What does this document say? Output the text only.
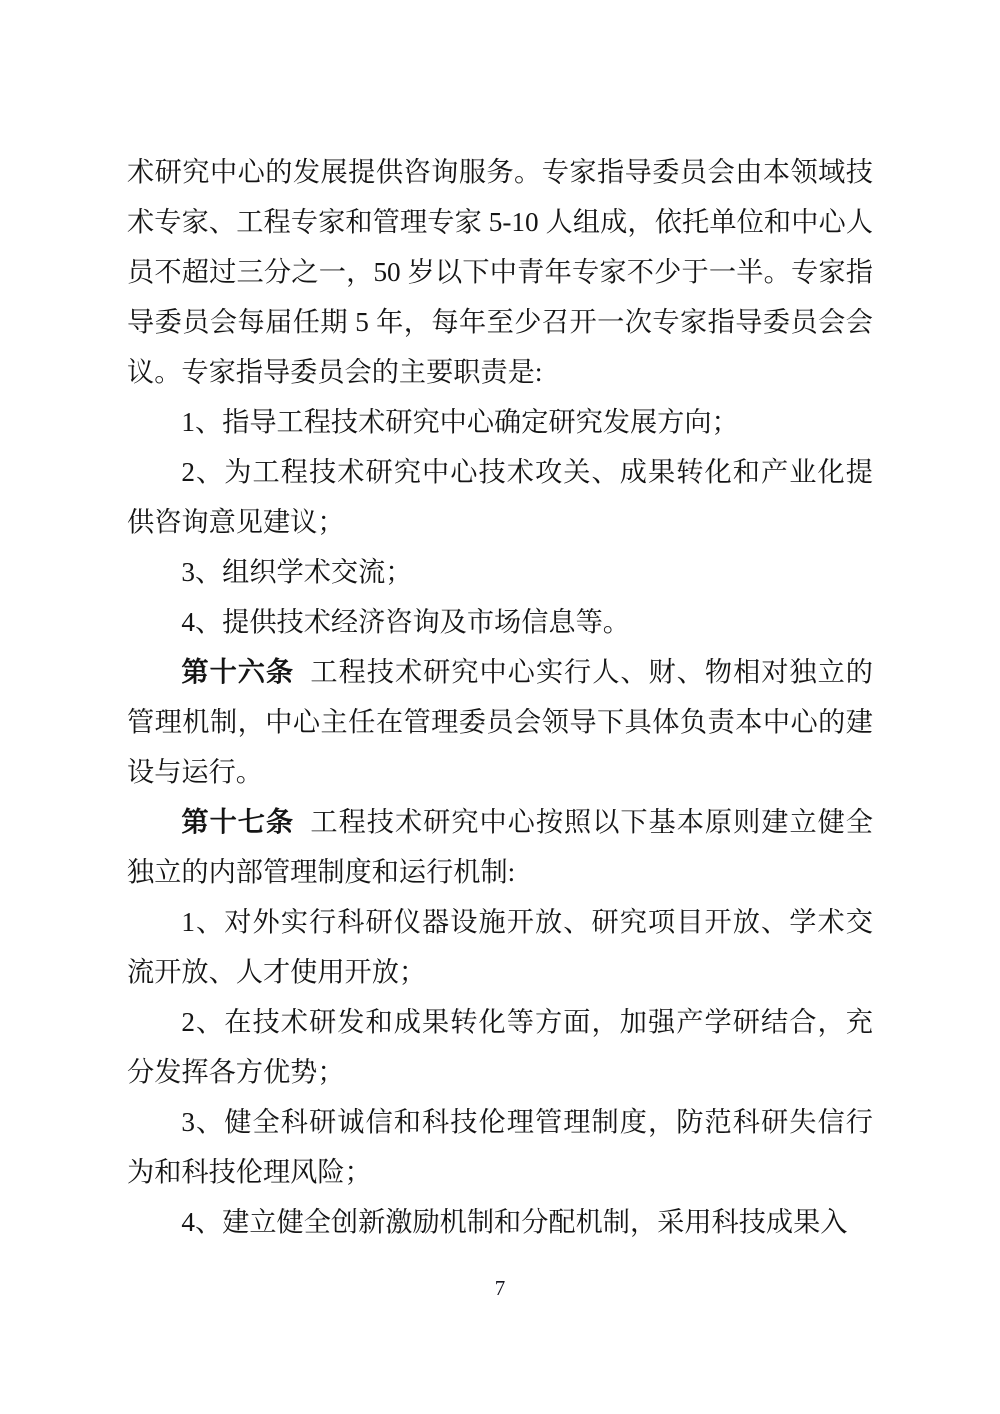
术研究中心的发展提供咨询服务。专家指导委员会由本领域技术专家、工程专家和管理专家 5-10 人组成，依托单位和中心人员不超过三分之一，50 岁以下中青年专家不少于一半。专家指导委员会每届任期 5 年，每年至少召开一次专家指导委员会会议。专家指导委员会的主要职责是:

1、指导工程技术研究中心确定研究发展方向；

2、为工程技术研究中心技术攻关、成果转化和产业化提供咨询意见建议；

3、组织学术交流；

4、提供技术经济咨询及市场信息等。

第十六条 工程技术研究中心实行人、财、物相对独立的管理机制，中心主任在管理委员会领导下具体负责本中心的建设与运行。

第十七条 工程技术研究中心按照以下基本原则建立健全独立的内部管理制度和运行机制:

1、对外实行科研仪器设施开放、研究项目开放、学术交流开放、人才使用开放；

2、在技术研发和成果转化等方面，加强产学研结合，充分发挥各方优势；

3、健全科研诚信和科技伦理管理制度，防范科研失信行为和科技伦理风险；

4、建立健全创新激励机制和分配机制，采用科技成果入

7
